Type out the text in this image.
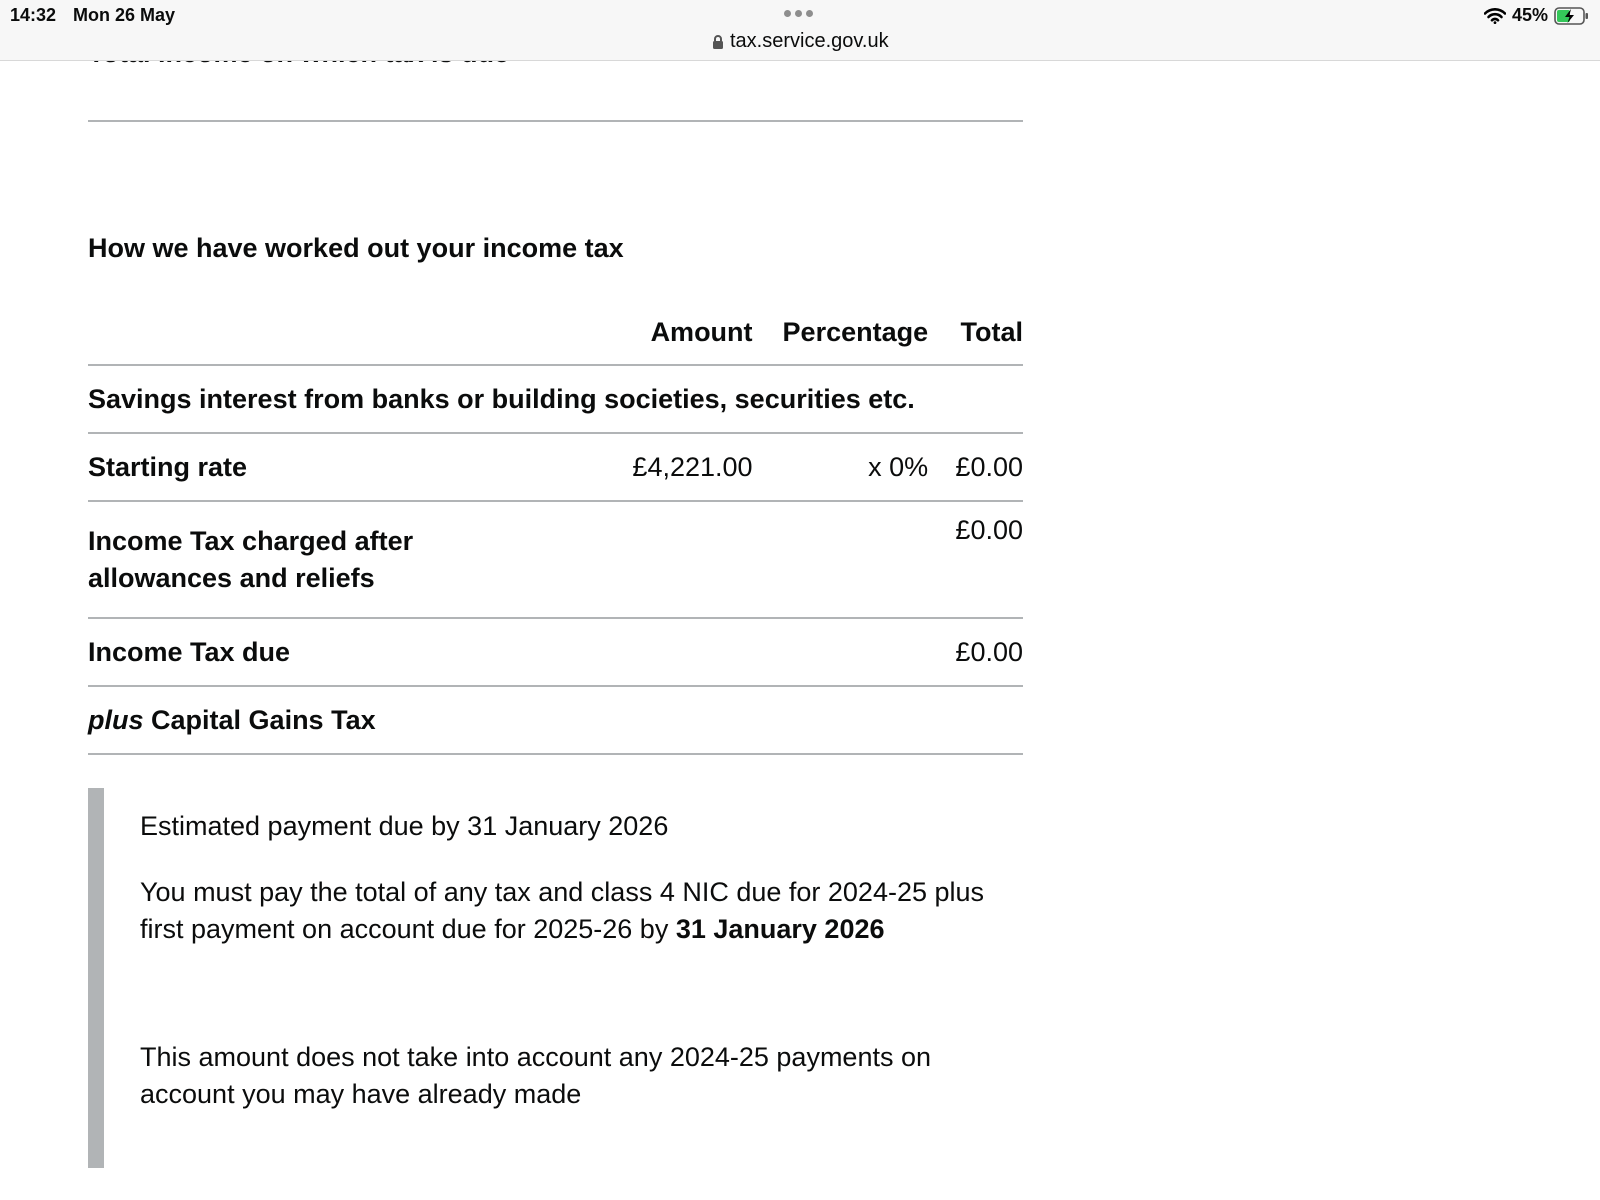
How we have worked out your income tax
	Amount	Percentage	Total
Savings interest from banks or building societies, securities etc.			
Starting rate	£4,221.00	x 0%	£0.00
Income Tax charged after allowances and reliefs			£0.00
Income Tax due			£0.00
plus Capital Gains Tax			

Estimated payment due by 31 January 2026

You must pay the total of any tax and class 4 NIC due for 2024-25 plus first payment on account due for 2025-26 by 31 January 2026

This amount does not take into account any 2024-25 payments on account you may have already made

14:32 Mon 26 May
tax.service.gov.uk
45%
